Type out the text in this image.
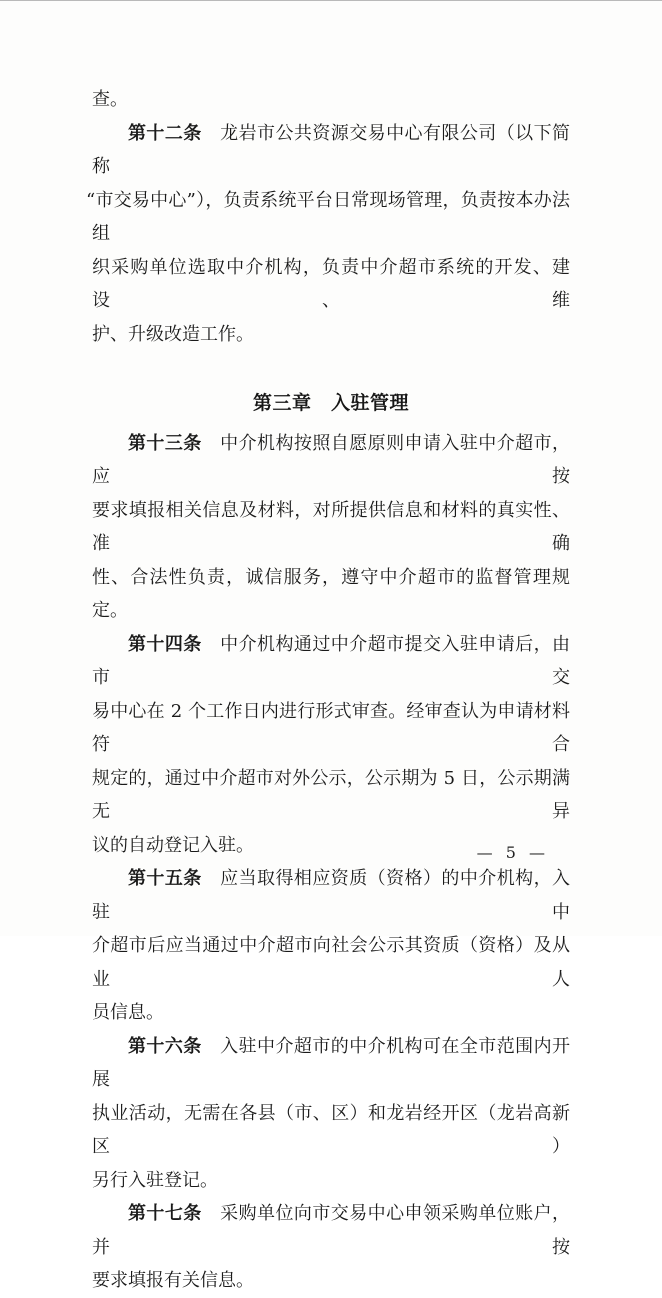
查。

第十二条　龙岩市公共资源交易中心有限公司（以下简称

“市交易中心”），负责系统平台日常现场管理，负责按本办法组

织采购单位选取中介机构，负责中介超市系统的开发、建设、维

护、升级改造工作。

第三章　入驻管理

第十三条　中介机构按照自愿原则申请入驻中介超市，应按

要求填报相关信息及材料，对所提供信息和材料的真实性、准确

性、合法性负责，诚信服务，遵守中介超市的监督管理规定。

第十四条　中介机构通过中介超市提交入驻申请后，由市交

易中心在 2 个工作日内进行形式审查。经审查认为申请材料符合

规定的，通过中介超市对外公示，公示期为 5 日，公示期满无异

议的自动登记入驻。

第十五条　应当取得相应资质（资格）的中介机构，入驻中

介超市后应当通过中介超市向社会公示其资质（资格）及从业人

员信息。

第十六条　入驻中介超市的中介机构可在全市范围内开展

执业活动，无需在各县（市、区）和龙岩经开区（龙岩高新区）

另行入驻登记。

第十七条　采购单位向市交易中心申领采购单位账户，并按

要求填报有关信息。

— 5 —
